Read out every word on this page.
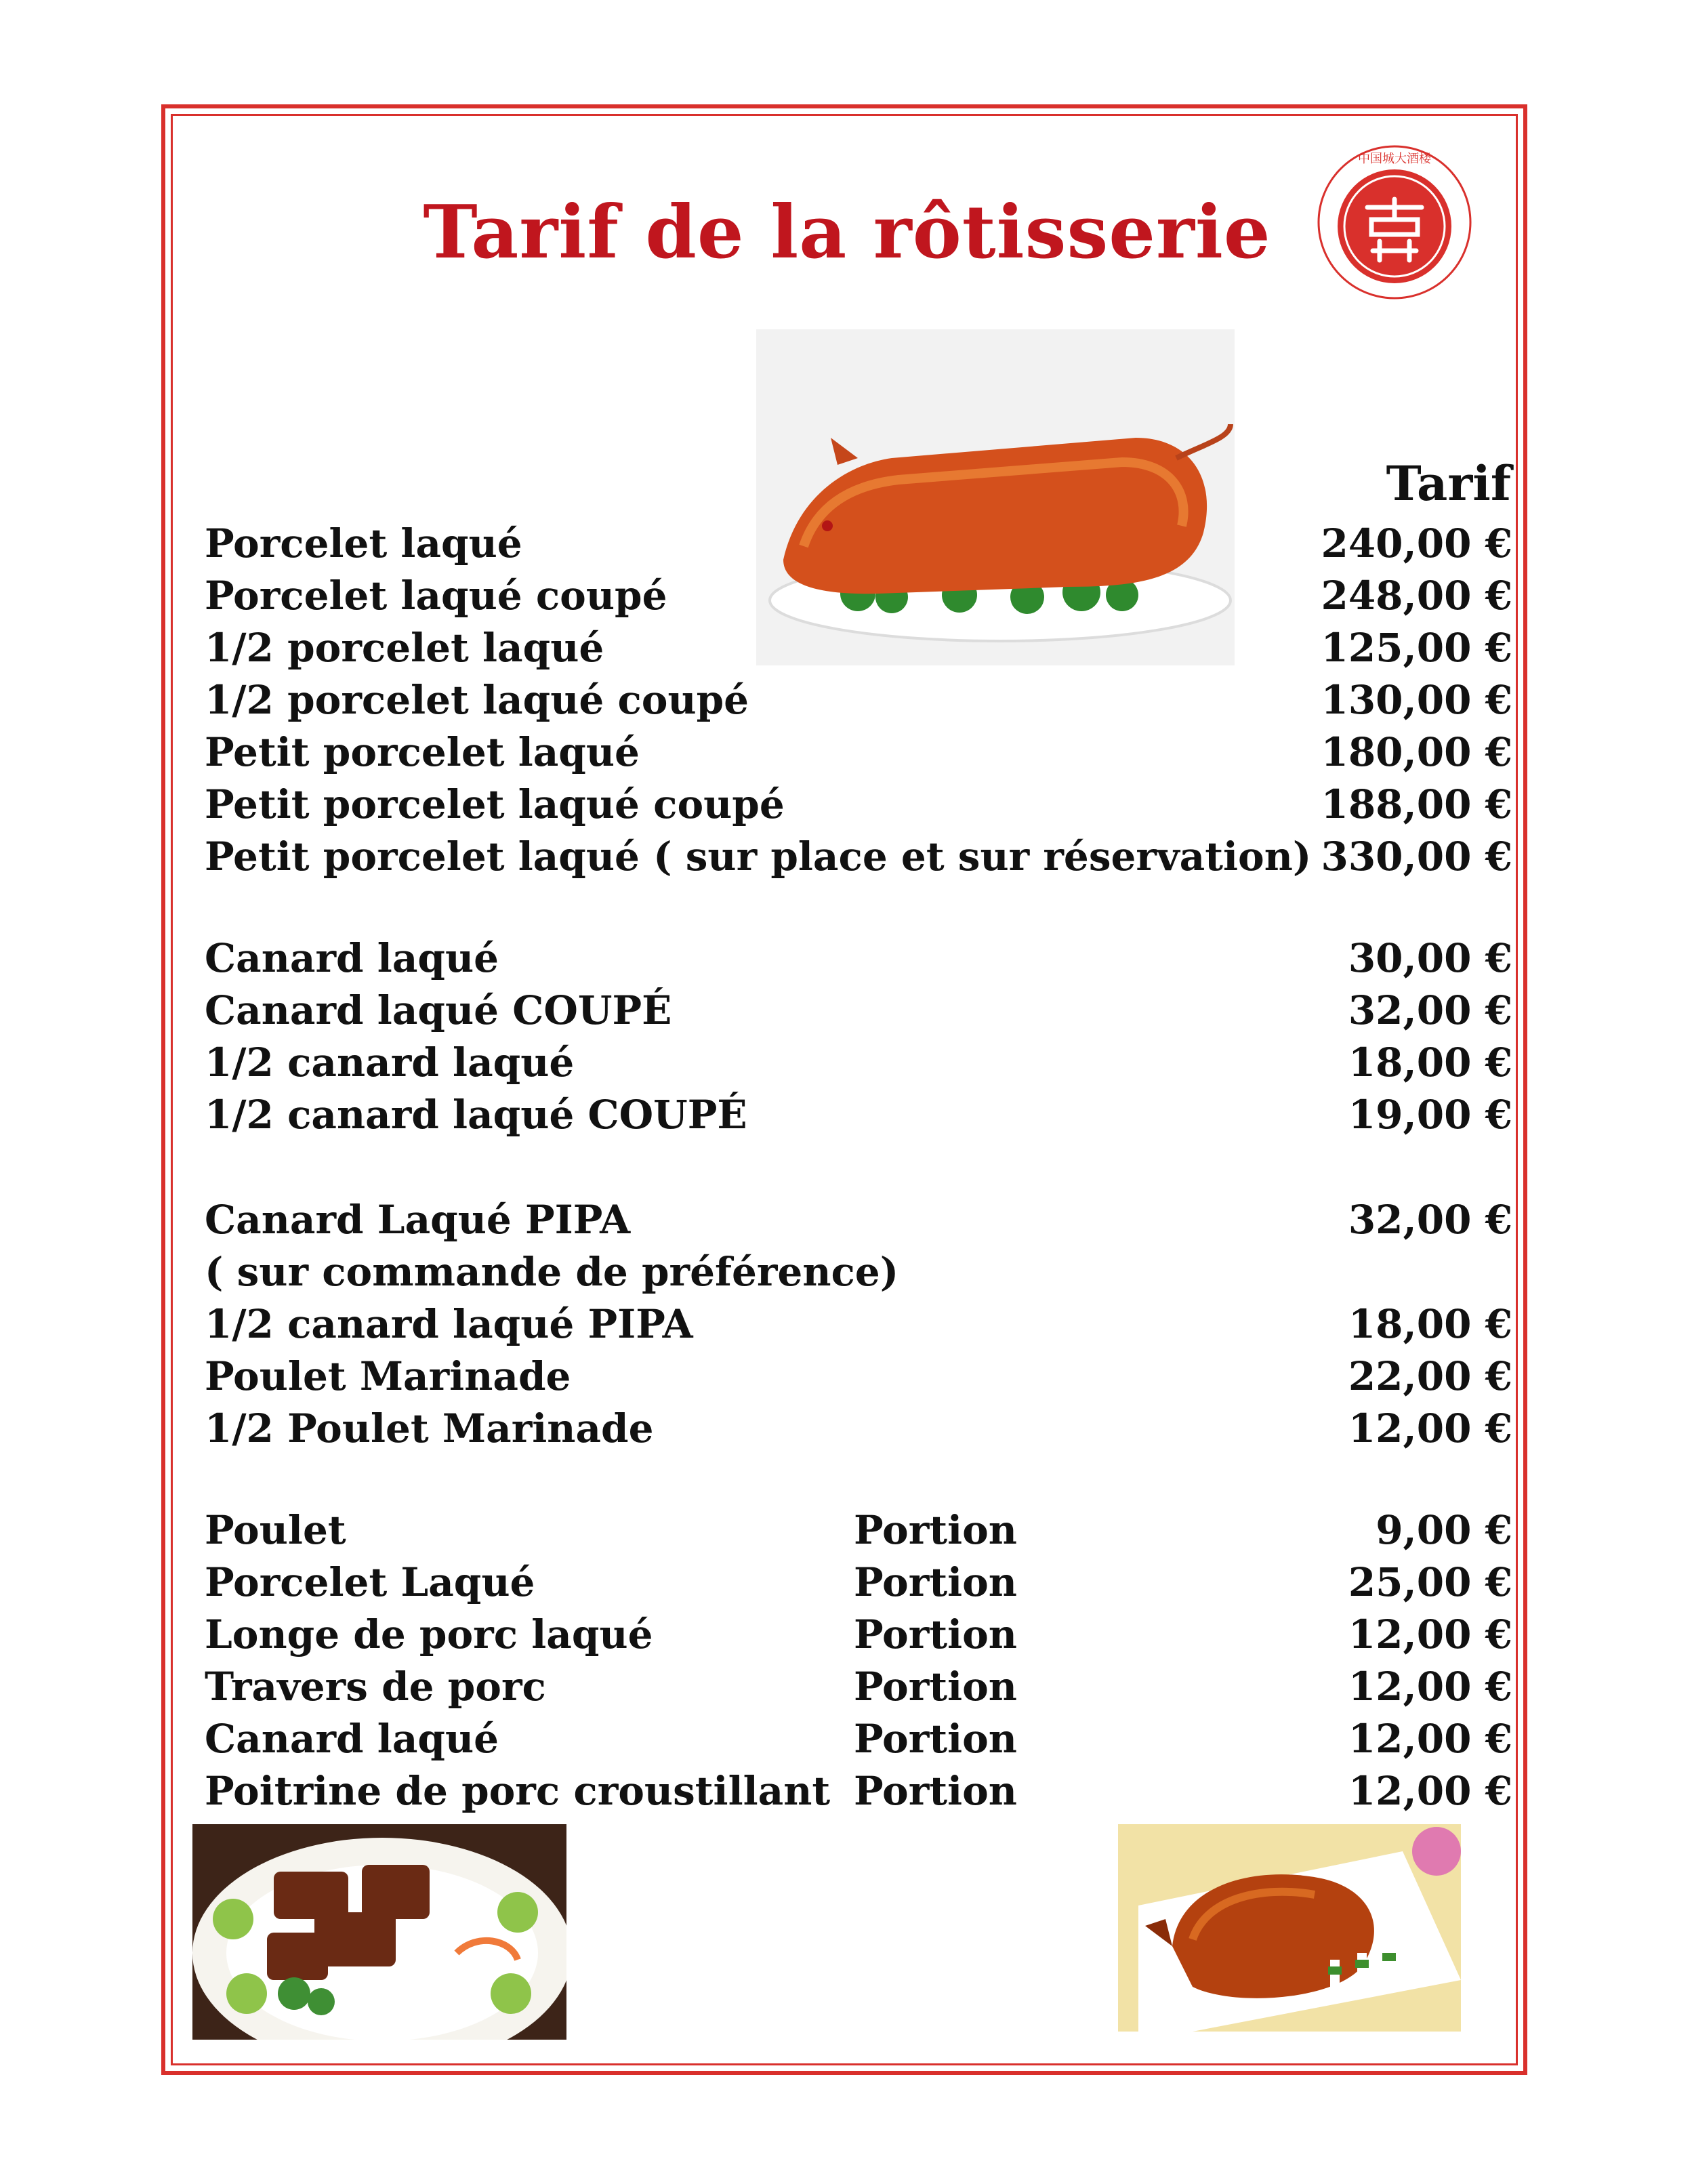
Tarif de la rôtisserie
中国城大酒楼
Tarif
Porcelet laqué	240,00 €
Porcelet laqué coupé	248,00 €
1/2 porcelet laqué	125,00 €
1/2 porcelet laqué coupé	130,00 €
Petit porcelet laqué	180,00 €
Petit porcelet laqué coupé	188,00 €
Petit porcelet laqué ( sur place et sur réservation) 330,00 €
Canard laqué	30,00 €
Canard laqué COUPÉ	32,00 €
1/2 canard laqué	18,00 €
1/2 canard laqué COUPÉ	19,00 €
Canard Laqué PIPA	32,00 €
( sur commande de préférence)
1/2 canard laqué PIPA	18,00 €
Poulet Marinade	22,00 €
1/2 Poulet Marinade	12,00 €
Poulet	Portion	9,00 €
Porcelet Laqué	Portion	25,00 €
Longe de porc laqué	Portion	12,00 €
Travers de porc	Portion	12,00 €
Canard laqué	Portion	12,00 €
Poitrine de porc croustillant Portion	12,00 €
